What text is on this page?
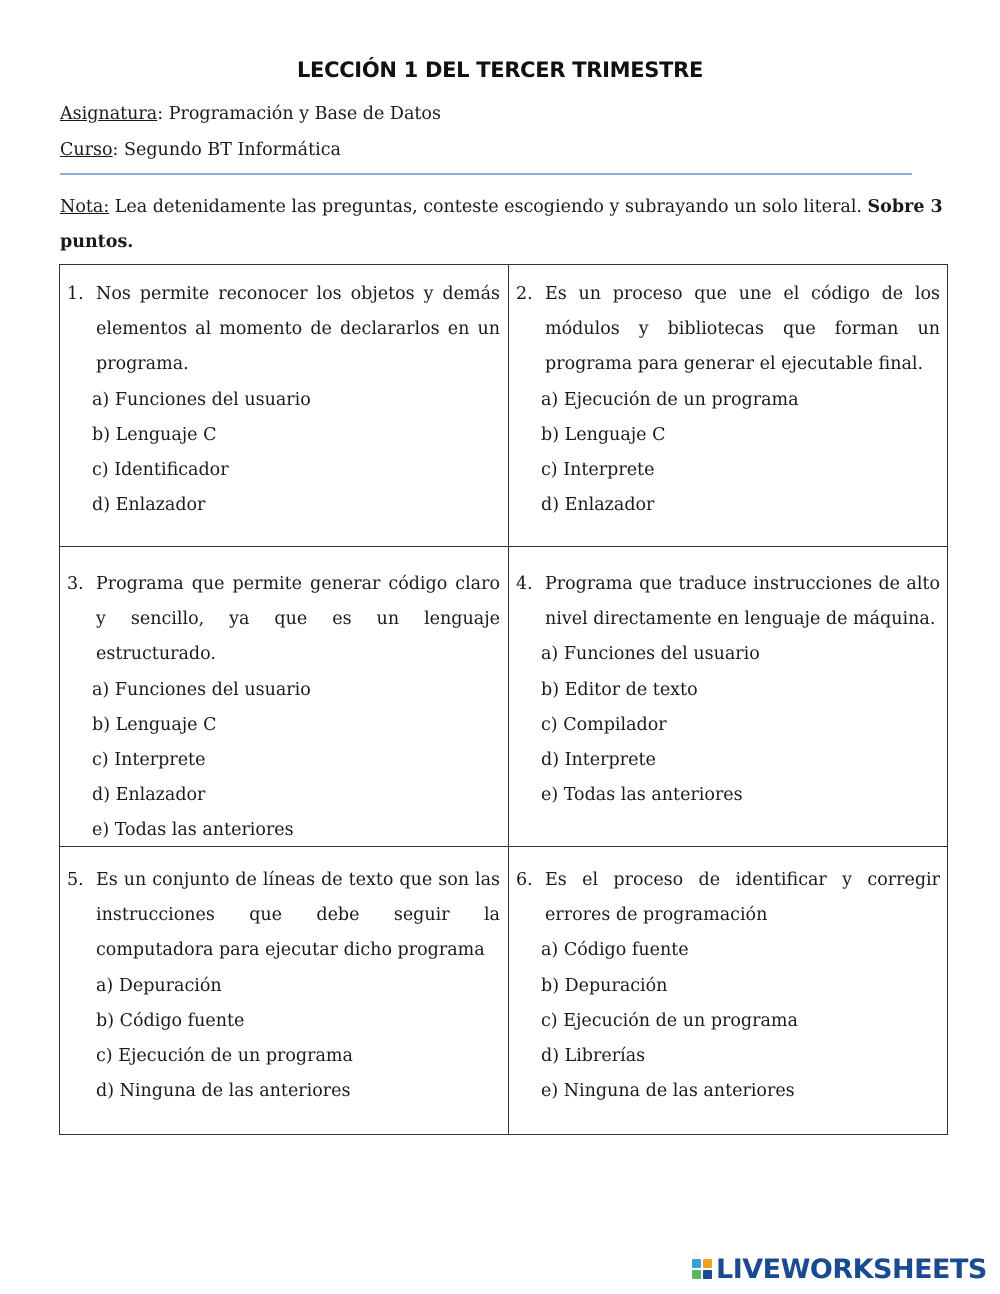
LECCIÓN 1 DEL TERCER TRIMESTRE
Asignatura: Programación y Base de Datos
Curso: Segundo BT Informática
Nota: Lea detenidamente las preguntas, conteste escogiendo y subrayando un solo literal. Sobre 3 puntos.
1. Nos permite reconocer los objetos y demás elementos al momento de declararlos en un programa.
a) Funciones del usuario
b) Lenguaje C
c) Identificador
d) Enlazador
2. Es un proceso que une el código de los módulos y bibliotecas que forman un programa para generar el ejecutable final.
a) Ejecución de un programa
b) Lenguaje C
c) Interprete
d) Enlazador
3. Programa que permite generar código claro y sencillo, ya que es un lenguaje estructurado.
a) Funciones del usuario
b) Lenguaje C
c) Interprete
d) Enlazador
e) Todas las anteriores
4. Programa que traduce instrucciones de alto nivel directamente en lenguaje de máquina.
a) Funciones del usuario
b) Editor de texto
c) Compilador
d) Interprete
e) Todas las anteriores
5. Es un conjunto de líneas de texto que son las instrucciones que debe seguir la computadora para ejecutar dicho programa
a) Depuración
b) Código fuente
c) Ejecución de un programa
d) Ninguna de las anteriores
6. Es el proceso de identificar y corregir errores de programación
a) Código fuente
b) Depuración
c) Ejecución de un programa
d) Librerías
e) Ninguna de las anteriores
LIVEWORKSHEETS
